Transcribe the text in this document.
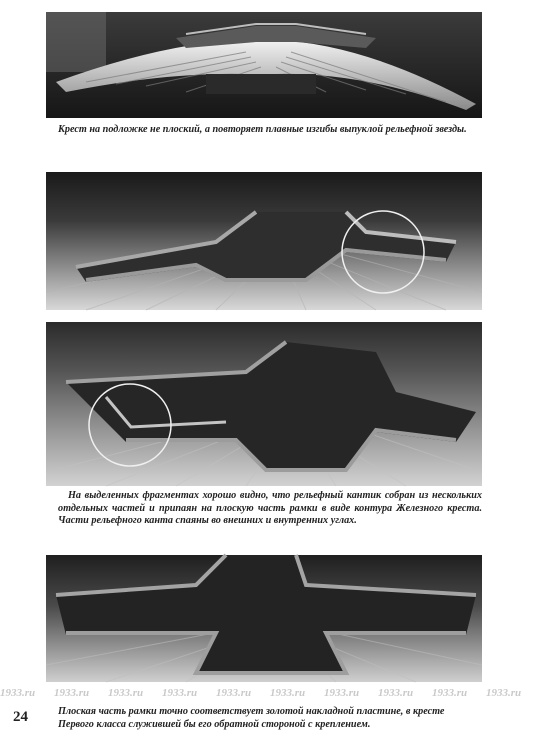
Крест на подложке не плоский, а повторяет плавные изгибы выпуклой рельефной звезды.
На выделенных фрагментах хорошо видно, что рельефный кантик собран из нескольких отдельных частей и припаян на плоскую часть рамки в виде контура Железного креста. Части рельефного канта спаяны во внешних и внутренних углах.
1933.ru 1933.ru 1933.ru 1933.ru 1933.ru 1933.ru 1933.ru 1933.ru 1933.ru 1933.ru
24	Плоская часть рамки точно соответствует золотой накладной пластине, в кресте Первого класса служившей бы его обратной стороной с креплением.
